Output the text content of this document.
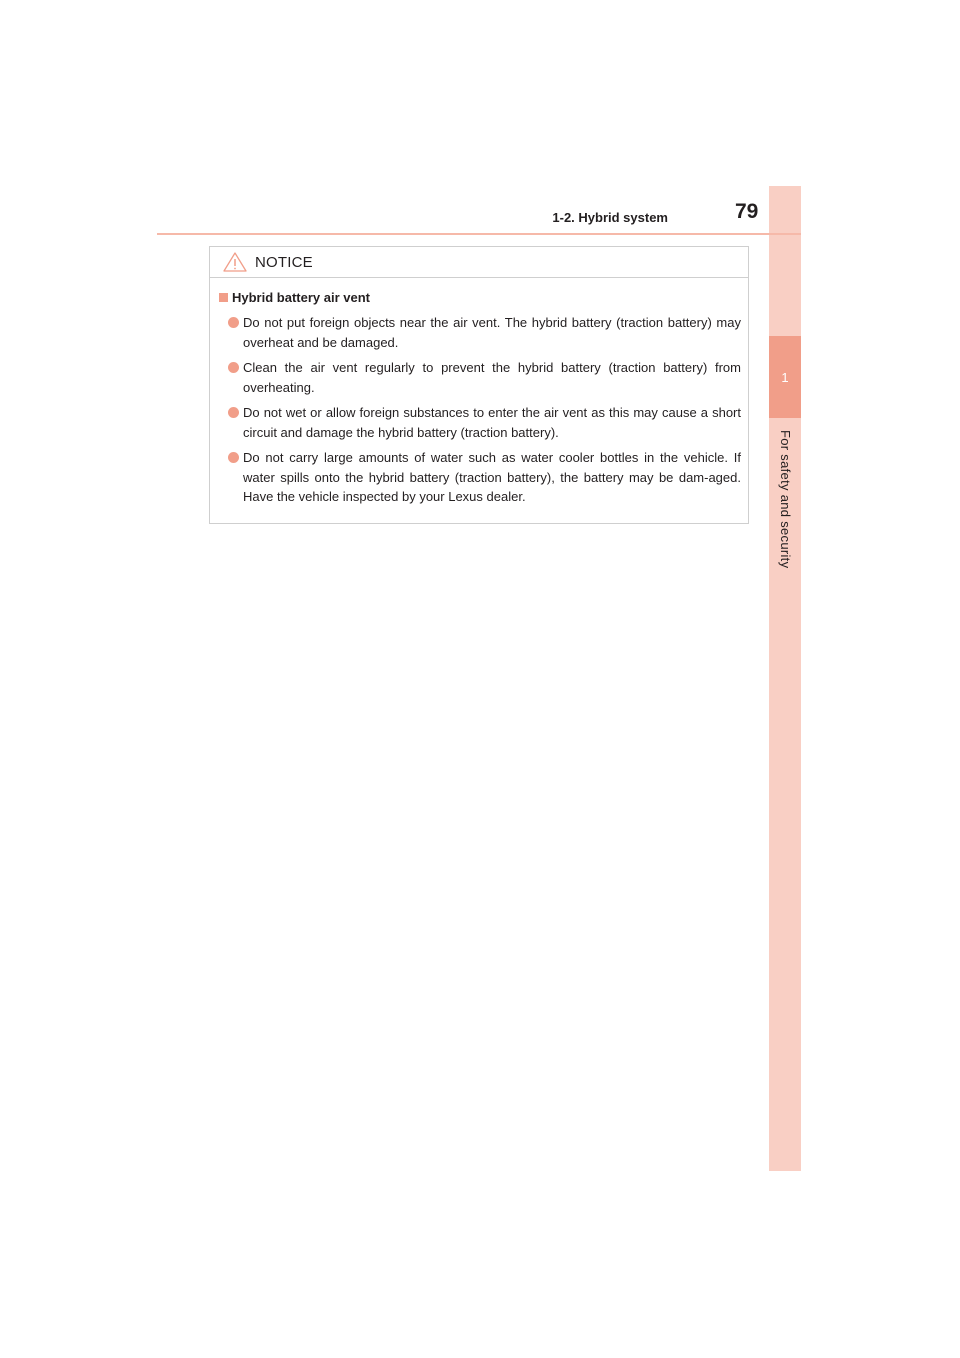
1
For safety and security
1-2. Hybrid system	79
NOTICE
Hybrid battery air vent
Do not put foreign objects near the air vent. The hybrid battery (traction battery) may overheat and be damaged.
Clean the air vent regularly to prevent the hybrid battery (traction battery) from overheating.
Do not wet or allow foreign substances to enter the air vent as this may cause a short circuit and damage the hybrid battery (traction battery).
Do not carry large amounts of water such as water cooler bottles in the vehicle. If water spills onto the hybrid battery (traction battery), the battery may be dam-aged. Have the vehicle inspected by your Lexus dealer.
